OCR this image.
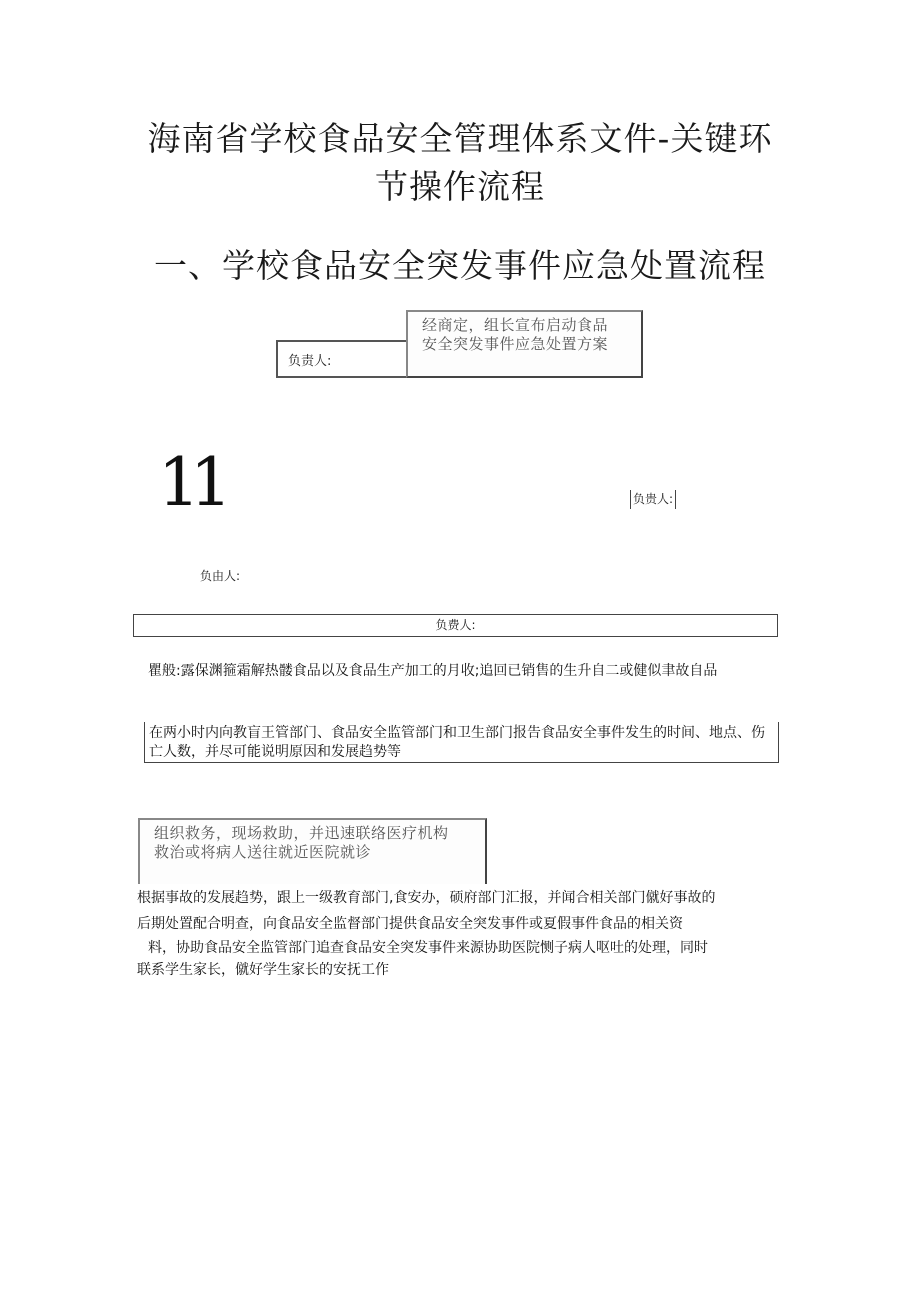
海南省学校食品安全管理体系文件-关键环
节操作流程
一、学校食品安全突发事件应急处置流程
负责人:
经商定，组长宣布启动食品
安全突发事件应急处置方案
11	负贵人:
负由人:
负费人:
瞿般:露保渊箍霜解热髅食品以及食品生产加工的月收;追回已销售的生升自二或健似聿故自品
在两小时内向教盲王管部门、食品安全监管部门和卫生部门报告食品安全事件发生的时间、地点、伤亡人数，并尽可能说明原因和发展趋势等
组织救务，现场救助，并迅速联络医疗机构
救治或将病人送往就近医院就诊
根据事故的发展趋势，跟上一级教育部门,食安办，硕府部门汇报，并闻合相关部门僦好事故的
后期处置配合明查，向食品安全监督部门提供食品安全突发事件或夏假事件食品的相关资
料，协助食品安全监管部门追查食品安全突发事件来源协助医院恻子病人呕吐的处理，同时
联系学生家长，僦好学生家长的安抚工作
